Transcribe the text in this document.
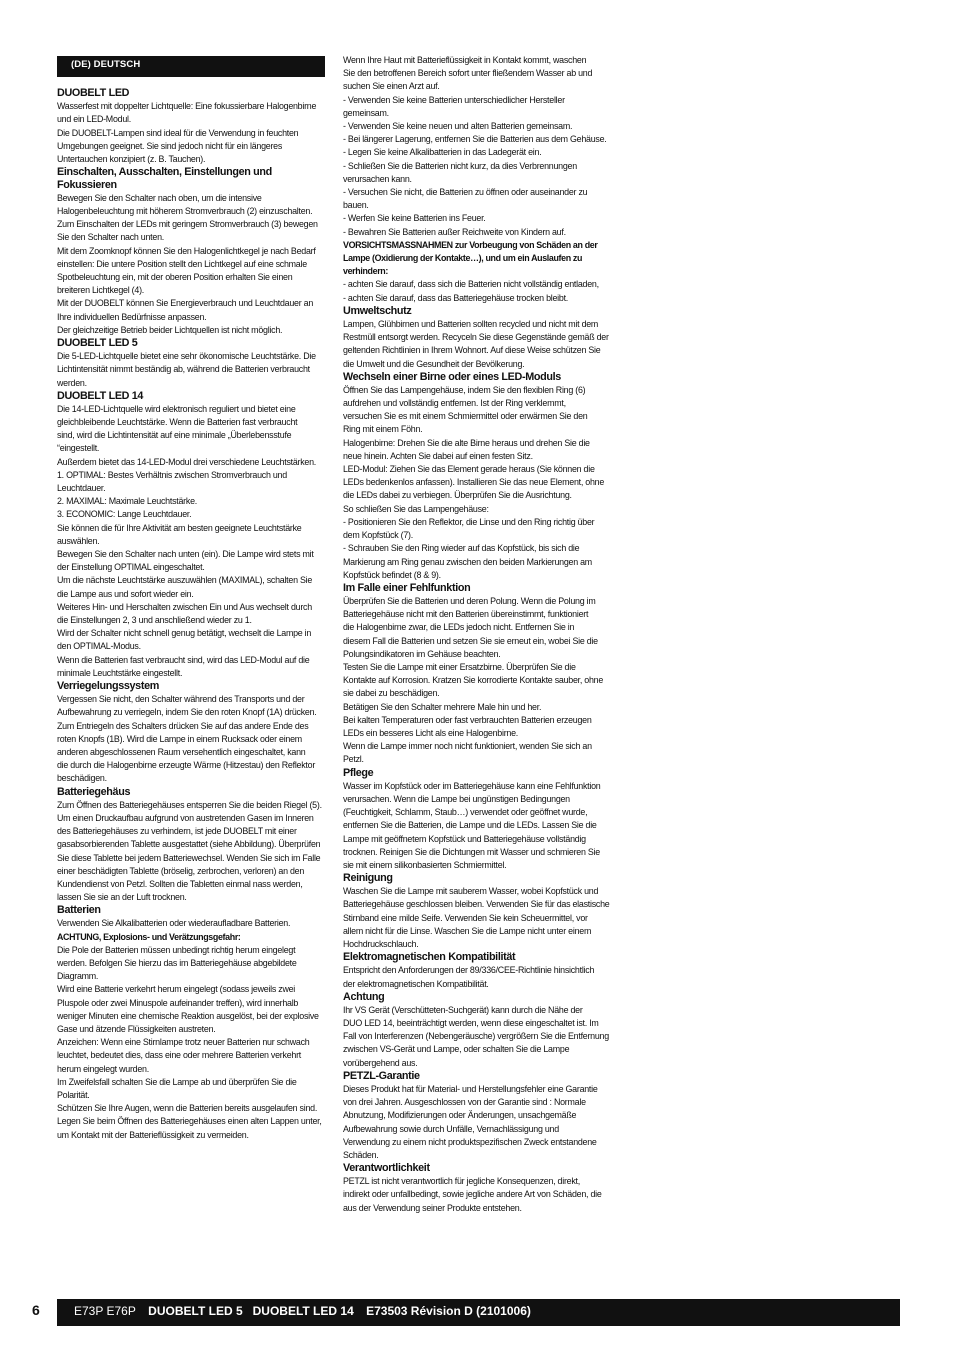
(DE) DEUTSCH
DUOBELT LED

Wasserfest mit doppelter Lichtquelle: Eine fokussierbare Halogenbirne
und ein LED-Modul.
Die DUOBELT-Lampen sind ideal für die Verwendung in feuchten
Umgebungen geeignet. Sie sind jedoch nicht für ein längeres
Untertauchen konzipiert (z. B. Tauchen).

Einschalten, Ausschalten, Einstellungen und Fokussieren

Bewegen Sie den Schalter nach oben, um die intensive
Halogenbeleuchtung mit höherem Stromverbrauch (2) einzuschalten.
Zum Einschalten der LEDs mit geringem Stromverbrauch (3) bewegen
Sie den Schalter nach unten.
Mit dem Zoomknopf können Sie den Halogenlichtkegel je nach Bedarf
einstellen: Die untere Position stellt den Lichtkegel auf eine schmale
Spotbeleuchtung ein, mit der oberen Position erhalten Sie einen
breiteren Lichtkegel (4).
Mit der DUOBELT können Sie Energieverbrauch und Leuchtdauer an
Ihre individuellen Bedürfnisse anpassen.
Der gleichzeitige Betrieb beider Lichtquellen ist nicht möglich.

DUOBELT LED 5

Die 5-LED-Lichtquelle bietet eine sehr ökonomische Leuchtstärke. Die
Lichtintensität nimmt beständig ab, während die Batterien verbraucht
werden.

DUOBELT LED 14

Die 14-LED-Lichtquelle wird elektronisch reguliert und bietet eine
gleichbleibende Leuchtstärke. Wenn die Batterien fast verbraucht
sind, wird die Lichtintensität auf eine minimale „Überlebensstufe
“eingestellt.
Außerdem bietet das 14-LED-Modul drei verschiedene Leuchtstärken.
1. OPTIMAL: Bestes Verhältnis zwischen Stromverbrauch und
Leuchtdauer.
2. MAXIMAL: Maximale Leuchtstärke.
3. ECONOMIC: Lange Leuchtdauer.
Sie können die für Ihre Aktivität am besten geeignete Leuchtstärke
auswählen.
Bewegen Sie den Schalter nach unten (ein). Die Lampe wird stets mit
der Einstellung OPTIMAL eingeschaltet.
Um die nächste Leuchtstärke auszuwählen (MAXIMAL), schalten Sie
die Lampe aus und sofort wieder ein.
Weiteres Hin- und Herschalten zwischen Ein und Aus wechselt durch
die Einstellungen 2, 3 und anschließend wieder zu 1.
Wird der Schalter nicht schnell genug betätigt, wechselt die Lampe in
den OPTIMAL-Modus.
Wenn die Batterien fast verbraucht sind, wird das LED-Modul auf die
minimale Leuchtstärke eingestellt.

Verriegelungssystem

Vergessen Sie nicht, den Schalter während des Transports und der
Aufbewahrung zu verriegeln, indem Sie den roten Knopf (1A) drücken.
Zum Entriegeln des Schalters drücken Sie auf das andere Ende des
roten Knopfs (1B). Wird die Lampe in einem Rucksack oder einem
anderen abgeschlossenen Raum versehentlich eingeschaltet, kann
die durch die Halogenbirne erzeugte Wärme (Hitzestau) den Reflektor
beschädigen.

Batteriegehäus

Zum Öffnen des Batteriegehäuses entsperren Sie die beiden Riegel (5).
Um einen Druckaufbau aufgrund von austretenden Gasen im Inneren
des Batteriegehäuses zu verhindern, ist jede DUOBELT mit einer
gasabsorbierenden Tablette ausgestattet (siehe Abbildung). Überprüfen
Sie diese Tablette bei jedem Batteriewechsel. Wenden Sie sich im Falle
einer beschädigten Tablette (bröselig, zerbrochen, verloren) an den
Kundendienst von Petzl. Sollten die Tabletten einmal nass werden,
lassen Sie sie an der Luft trocknen.

Batterien

Verwenden Sie Alkalibatterien oder wiederaufladbare Batterien.

ACHTUNG, Explosions- und Verätzungsgefahr:

Die Pole der Batterien müssen unbedingt richtig herum eingelegt
werden. Befolgen Sie hierzu das im Batteriegehäuse abgebildete
Diagramm.
Wird eine Batterie verkehrt herum eingelegt (sodass jeweils zwei
Pluspole oder zwei Minuspole aufeinander treffen), wird innerhalb
weniger Minuten eine chemische Reaktion ausgelöst, bei der explosive
Gase und ätzende Flüssigkeiten austreten.
Anzeichen: Wenn eine Stirnlampe trotz neuer Batterien nur schwach
leuchtet, bedeutet dies, dass eine oder mehrere Batterien verkehrt
herum eingelegt wurden.
Im Zweifelsfall schalten Sie die Lampe ab und überprüfen Sie die
Polarität.
Schützen Sie Ihre Augen, wenn die Batterien bereits ausgelaufen sind.
Legen Sie beim Öffnen des Batteriegehäuses einen alten Lappen unter,
um Kontakt mit der Batterieflüssigkeit zu vermeiden.

Wenn Ihre Haut mit Batterieflüssigkeit in Kontakt kommt, waschen
Sie den betroffenen Bereich sofort unter fließendem Wasser ab und
suchen Sie einen Arzt auf.
- Verwenden Sie keine Batterien unterschiedlicher Hersteller
gemeinsam.
- Verwenden Sie keine neuen und alten Batterien gemeinsam.
- Bei längerer Lagerung, entfernen Sie die Batterien aus dem Gehäuse.
- Legen Sie keine Alkalibatterien in das Ladegerät ein.
- Schließen Sie die Batterien nicht kurz, da dies Verbrennungen
verursachen kann.
- Versuchen Sie nicht, die Batterien zu öffnen oder auseinander zu
bauen.
- Werfen Sie keine Batterien ins Feuer.
- Bewahren Sie Batterien außer Reichweite von Kindern auf.

VORSICHTSMASSNAHMEN zur Vorbeugung von Schäden an der
Lampe (Oxidierung der Kontakte…), und um ein Auslaufen zu
verhindern:

- achten Sie darauf, dass sich die Batterien nicht vollständig entladen,
- achten Sie darauf, dass das Batteriegehäuse trocken bleibt.

Umweltschutz

Lampen, Glühbirnen und Batterien sollten recycled und nicht mit dem
Restmüll entsorgt werden. Recyceln Sie diese Gegenstände gemäß der
geltenden Richtlinien in Ihrem Wohnort. Auf diese Weise schützen Sie
die Umwelt und die Gesundheit der Bevölkerung.

Wechseln einer Birne oder eines LED-Moduls

Öffnen Sie das Lampengehäuse, indem Sie den flexiblen Ring (6)
aufdrehen und vollständig entfernen. Ist der Ring verklemmt,
versuchen Sie es mit einem Schmiermittel oder erwärmen Sie den
Ring mit einem Föhn.
Halogenbirne: Drehen Sie die alte Birne heraus und drehen Sie die
neue hinein. Achten Sie dabei auf einen festen Sitz.
LED-Modul: Ziehen Sie das Element gerade heraus (Sie können die
LEDs bedenkenlos anfassen). Installieren Sie das neue Element, ohne
die LEDs dabei zu verbiegen. Überprüfen Sie die Ausrichtung.
So schließen Sie das Lampengehäuse:
- Positionieren Sie den Reflektor, die Linse und den Ring richtig über
dem Kopfstück (7).
- Schrauben Sie den Ring wieder auf das Kopfstück, bis sich die
Markierung am Ring genau zwischen den beiden Markierungen am
Kopfstück befindet (8 & 9).

Im Falle einer Fehlfunktion

Überprüfen Sie die Batterien und deren Polung. Wenn die Polung im
Batteriegehäuse nicht mit den Batterien übereinstimmt, funktioniert
die Halogenbirne zwar, die LEDs jedoch nicht. Entfernen Sie in
diesem Fall die Batterien und setzen Sie sie erneut ein, wobei Sie die
Polungsindikatoren im Gehäuse beachten.
Testen Sie die Lampe mit einer Ersatzbirne. Überprüfen Sie die
Kontakte auf Korrosion. Kratzen Sie korrodierte Kontakte sauber, ohne
sie dabei zu beschädigen.
Betätigen Sie den Schalter mehrere Male hin und her.
Bei kalten Temperaturen oder fast verbrauchten Batterien erzeugen
LEDs ein besseres Licht als eine Halogenbirne.
Wenn die Lampe immer noch nicht funktioniert, wenden Sie sich an
Petzl.

Pflege

Wasser im Kopfstück oder im Batteriegehäuse kann eine Fehlfunktion
verursachen. Wenn die Lampe bei ungünstigen Bedingungen
(Feuchtigkeit, Schlamm, Staub…) verwendet oder geöffnet wurde,
entfernen Sie die Batterien, die Lampe und die LEDs. Lassen Sie die
Lampe mit geöffnetem Kopfstück und Batteriegehäuse vollständig
trocknen. Reinigen Sie die Dichtungen mit Wasser und schmieren Sie
sie mit einem silikonbasierten Schmiermittel.

Reinigung

Waschen Sie die Lampe mit sauberem Wasser, wobei Kopfstück und
Batteriegehäuse geschlossen bleiben. Verwenden Sie für das elastische
Stirnband eine milde Seife. Verwenden Sie kein Scheuermittel, vor
allem nicht für die Linse. Waschen Sie die Lampe nicht unter einem
Hochdruckschlauch.

Elektromagnetischen Kompatibilität

Entspricht den Anforderungen der 89/336/CEE-Richtlinie hinsichtlich
der elektromagnetischen Kompatibilität.

Achtung

Ihr VS Gerät (Verschütteten-Suchgerät) kann durch die Nähe der
DUO LED 14, beeinträchtigt werden, wenn diese eingeschaltet ist. Im
Fall von Interferenzen (Nebengeräusche) vergrößern Sie die Entfernung
zwischen VS-Gerät und Lampe, oder schalten Sie die Lampe
vorübergehend aus.

PETZL-Garantie

Dieses Produkt hat für Material- und Herstellungsfehler eine Garantie
von drei Jahren. Ausgeschlossen von der Garantie sind : Normale
Abnutzung, Modifizierungen oder Änderungen, unsachgemäße
Aufbewahrung sowie durch Unfälle, Vernachlässigung und
Verwendung zu einem nicht produktspezifischen Zweck entstandene
Schäden.

Verantwortlichkeit

PETZL ist nicht verantwortlich für jegliche Konsequenzen, direkt,
indirekt oder unfallbedingt, sowie jegliche andere Art von Schäden, die
aus der Verwendung seiner Produkte entstehen.

6	E73P E76P DUOBELT LED 5   DUOBELT LED 14 E73503 Révision D (2101006)
